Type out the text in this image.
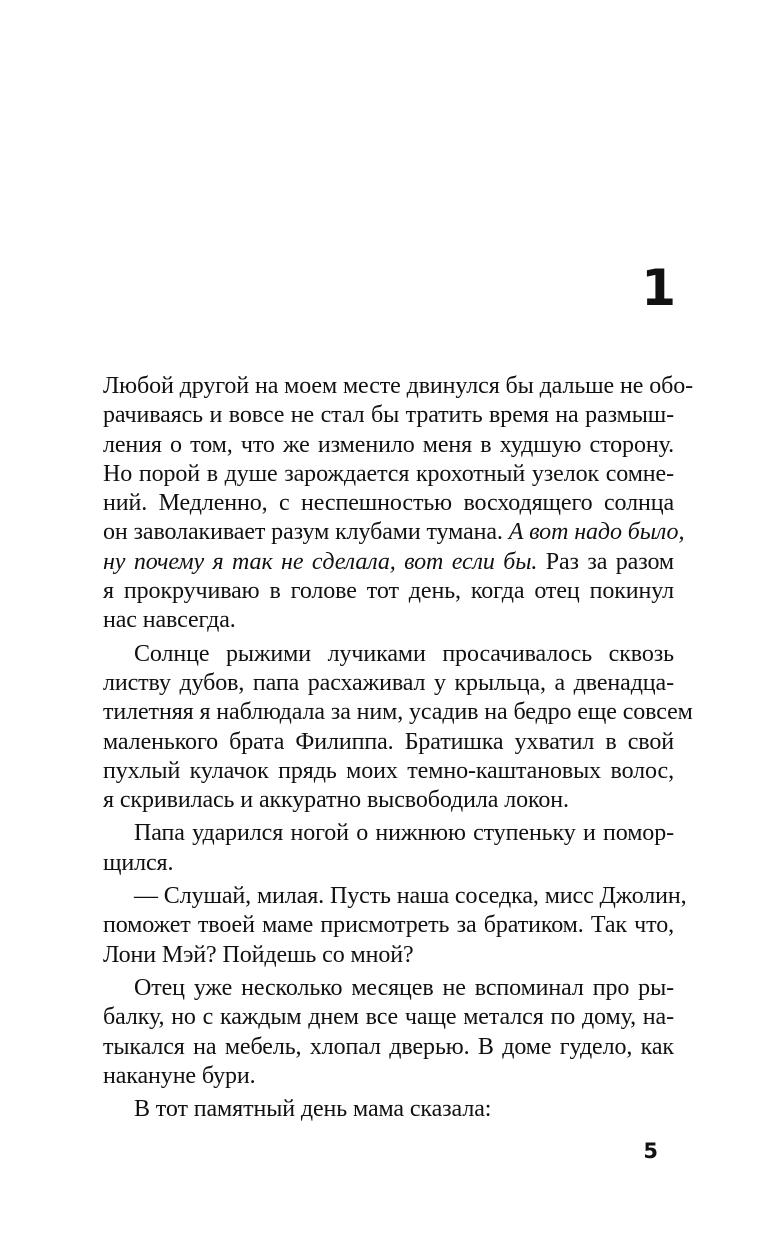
1
Любой другой на моем месте двинулся бы дальше не обо-
рачиваясь и вовсе не стал бы тратить время на размыш-
ления о том, что же изменило меня в худшую сторону.
Но порой в душе зарождается крохотный узелок сомне-
ний. Медленно, с неспешностью восходящего солнца
он заволакивает разум клубами тумана. А вот надо было,
ну почему я так не сделала, вот если бы. Раз за разом
я прокручиваю в голове тот день, когда отец покинул
нас навсегда.
Солнце рыжими лучиками просачивалось сквозь
листву дубов, папа расхаживал у крыльца, а двенадца-
тилетняя я наблюдала за ним, усадив на бедро еще совсем
маленького брата Филиппа. Братишка ухватил в свой
пухлый кулачок прядь моих темно-каштановых волос,
я скривилась и аккуратно высвободила локон.
Папа ударился ногой о нижнюю ступеньку и помор-
щился.
— Слушай, милая. Пусть наша соседка, мисс Джолин,
поможет твоей маме присмотреть за братиком. Так что,
Лони Мэй? Пойдешь со мной?
Отец уже несколько месяцев не вспоминал про ры-
балку, но с каждым днем все чаще метался по дому, на-
тыкался на мебель, хлопал дверью. В доме гудело, как
накануне бури.
В тот памятный день мама сказала:
5
